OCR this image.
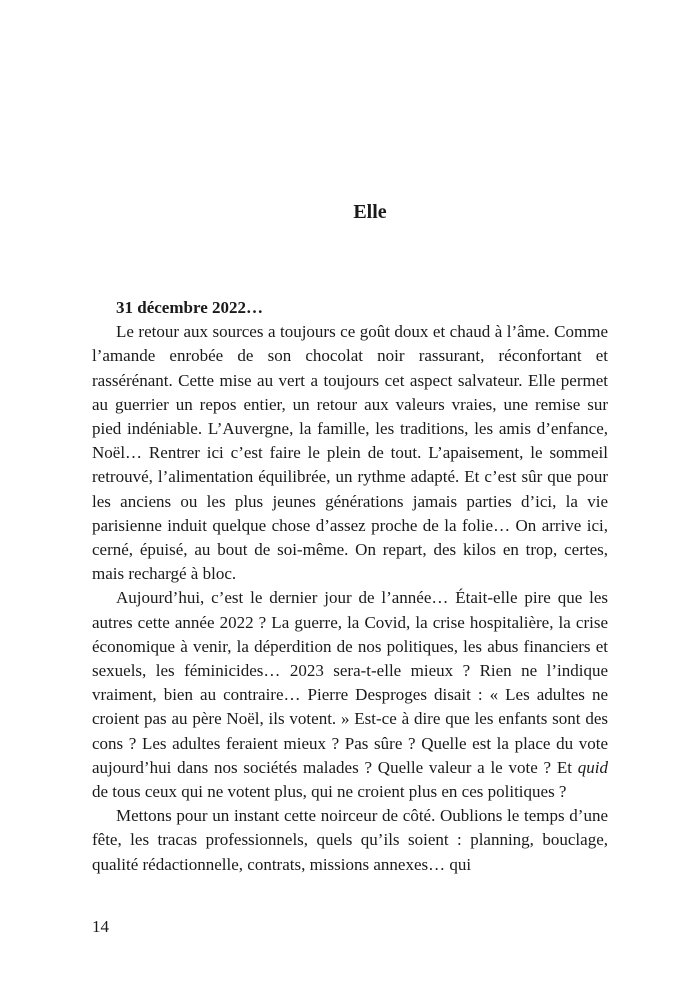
Elle

31 décembre 2022…

Le retour aux sources a toujours ce goût doux et chaud à l’âme. Comme l’amande enrobée de son chocolat noir rassurant, réconfortant et rassérénant. Cette mise au vert a toujours cet aspect salvateur. Elle permet au guerrier un repos entier, un retour aux valeurs vraies, une remise sur pied indéniable. L’Auvergne, la famille, les traditions, les amis d’enfance, Noël… Rentrer ici c’est faire le plein de tout. L’apaisement, le sommeil retrouvé, l’alimentation équilibrée, un rythme adapté. Et c’est sûr que pour les anciens ou les plus jeunes générations jamais parties d’ici, la vie parisienne induit quelque chose d’assez proche de la folie… On arrive ici, cerné, épuisé, au bout de soi-même. On repart, des kilos en trop, certes, mais rechargé à bloc.

Aujourd’hui, c’est le dernier jour de l’année… Était-elle pire que les autres cette année 2022 ? La guerre, la Covid, la crise hospitalière, la crise économique à venir, la déperdition de nos politiques, les abus financiers et sexuels, les féminicides… 2023 sera-t-elle mieux ? Rien ne l’indique vraiment, bien au contraire… Pierre Desproges disait : « Les adultes ne croient pas au père Noël, ils votent. » Est-ce à dire que les enfants sont des cons ? Les adultes feraient mieux ? Pas sûre ? Quelle est la place du vote aujourd’hui dans nos sociétés malades ? Quelle valeur a le vote ? Et quid de tous ceux qui ne votent plus, qui ne croient plus en ces politiques ?

Mettons pour un instant cette noirceur de côté. Oublions le temps d’une fête, les tracas professionnels, quels qu’ils soient : planning, bouclage, qualité rédactionnelle, contrats, missions annexes… qui

14
